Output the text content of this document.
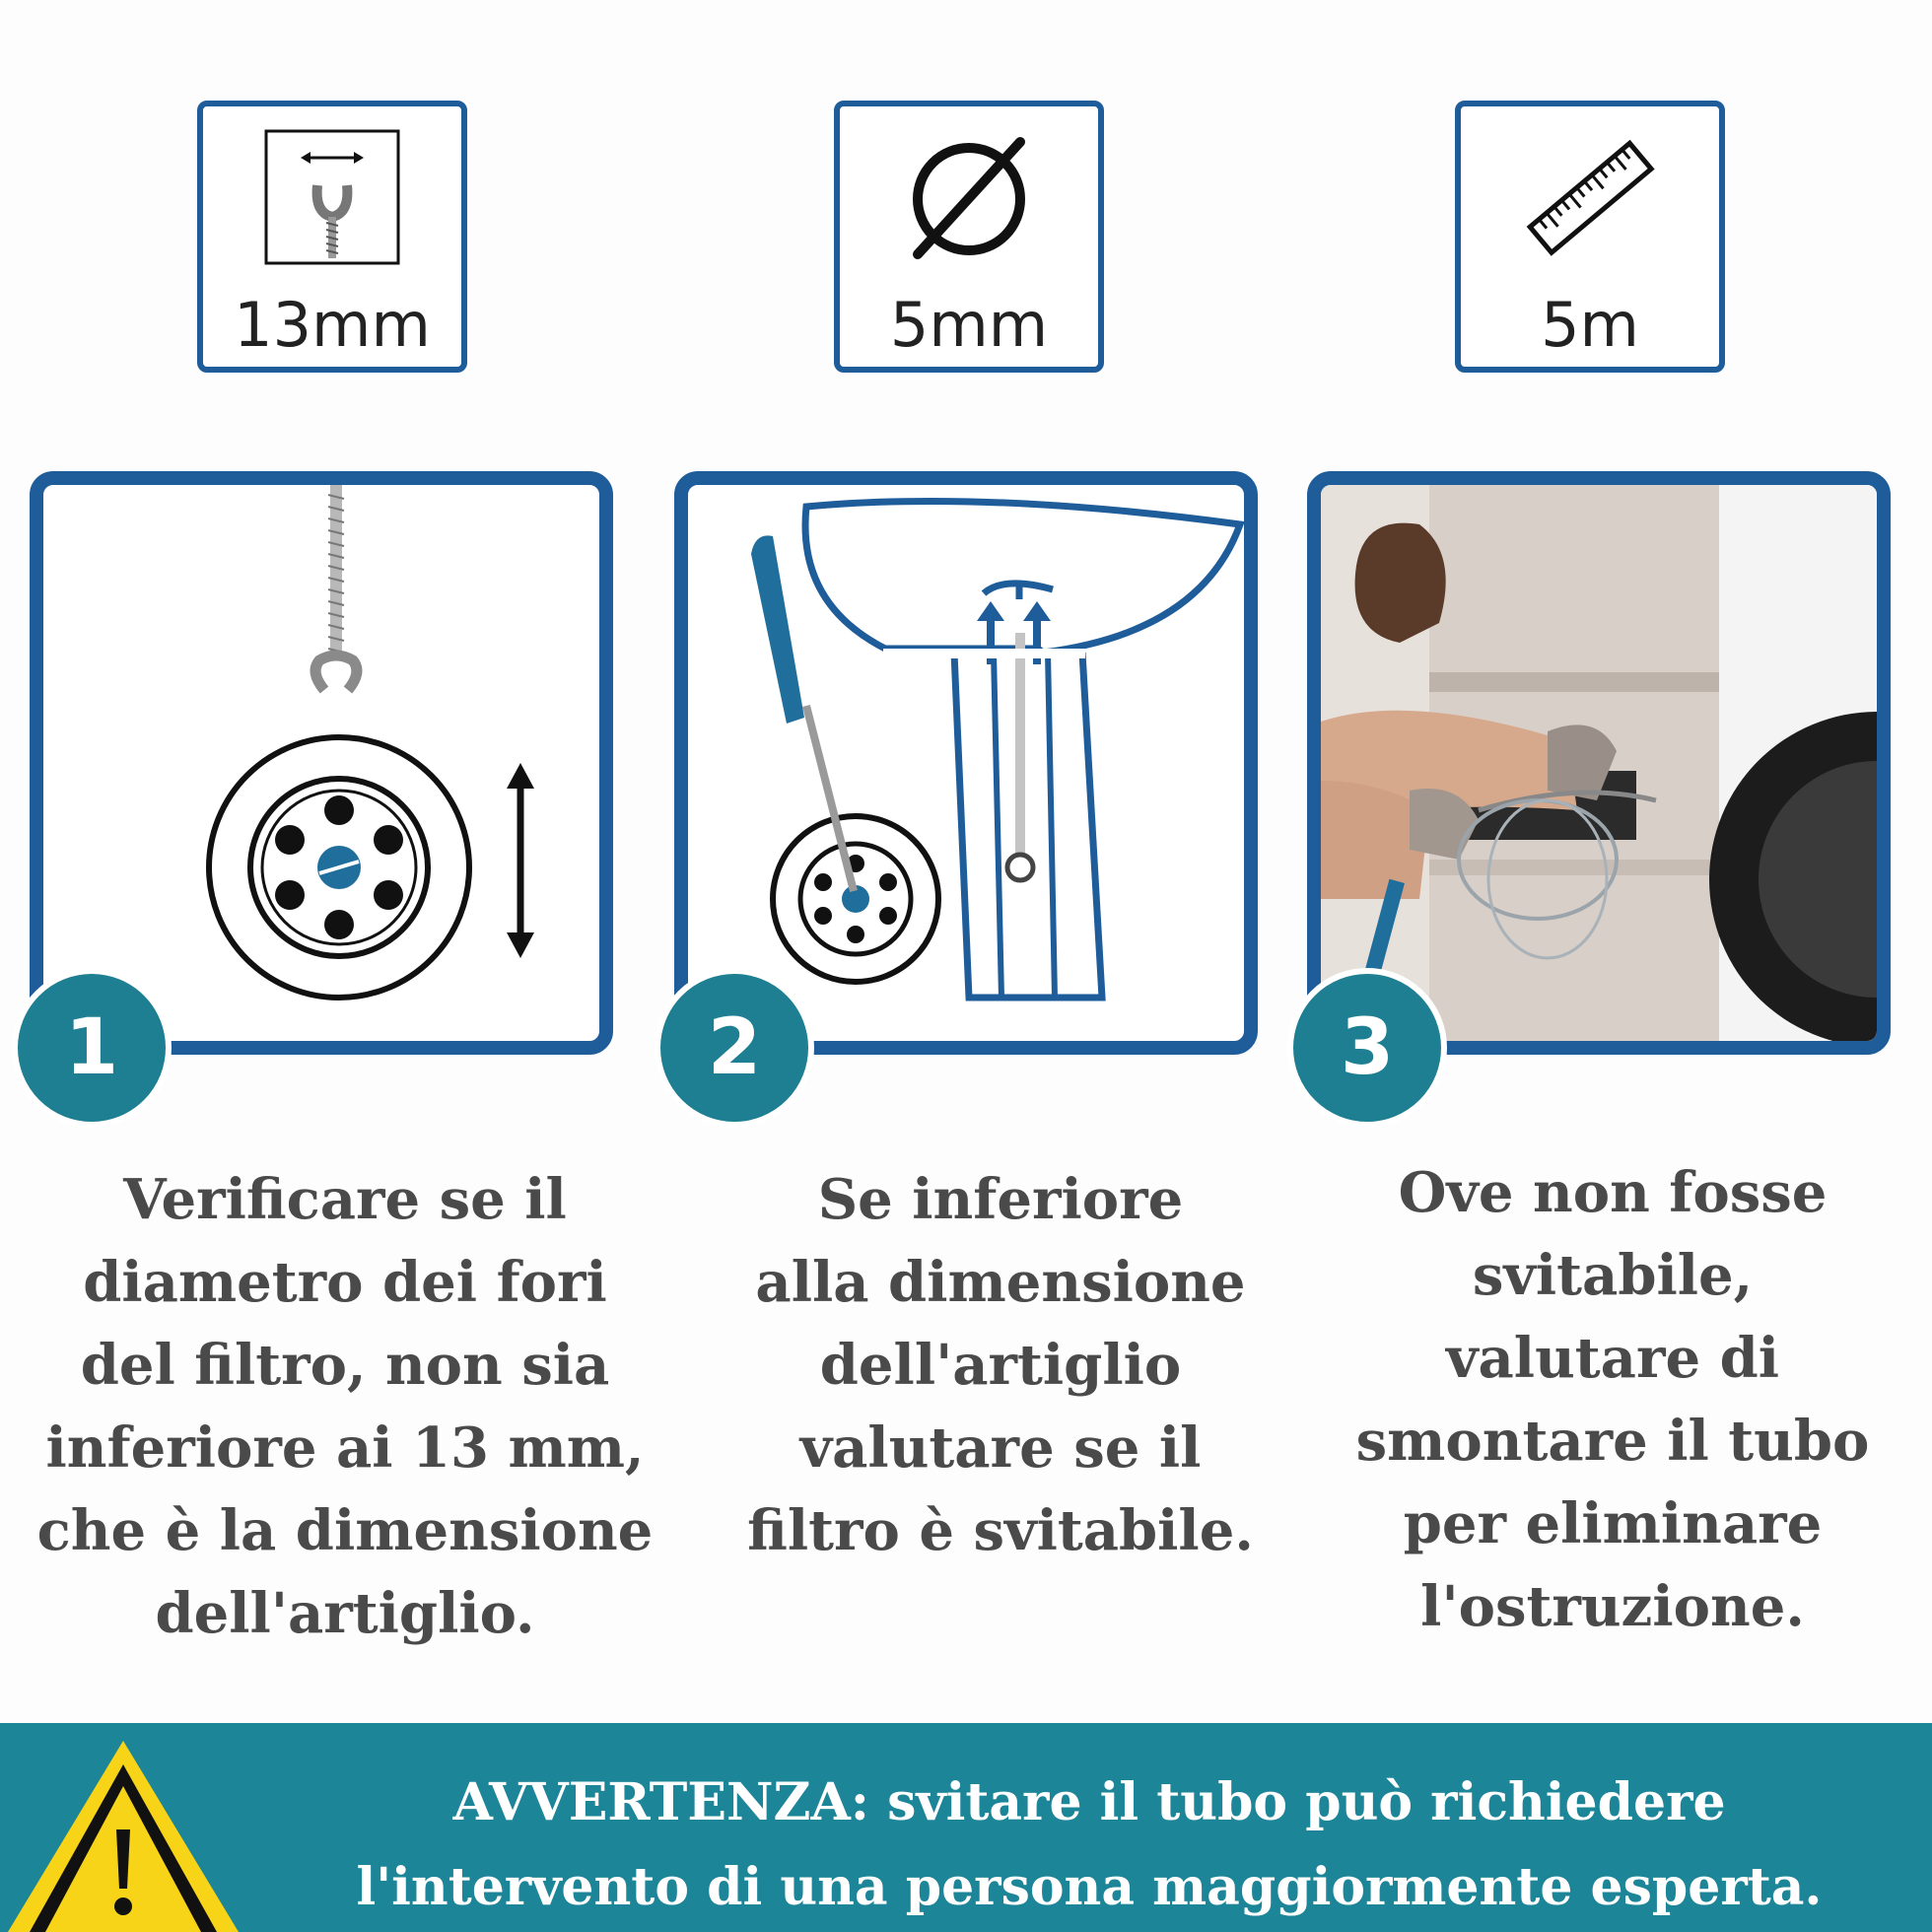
13mm	5mm	5m
1	2	3
Verificare se il
diametro dei fori
del filtro, non sia
inferiore ai 13 mm,
che è la dimensione
dell'artiglio.
Se inferiore
alla dimensione
dell'artiglio
valutare se il
filtro è svitabile.
Ove non fosse
svitabile,
valutare di
smontare il tubo
per eliminare
l'ostruzione.
AVVERTENZA: svitare il tubo può richiedere
l'intervento di una persona maggiormente esperta.
